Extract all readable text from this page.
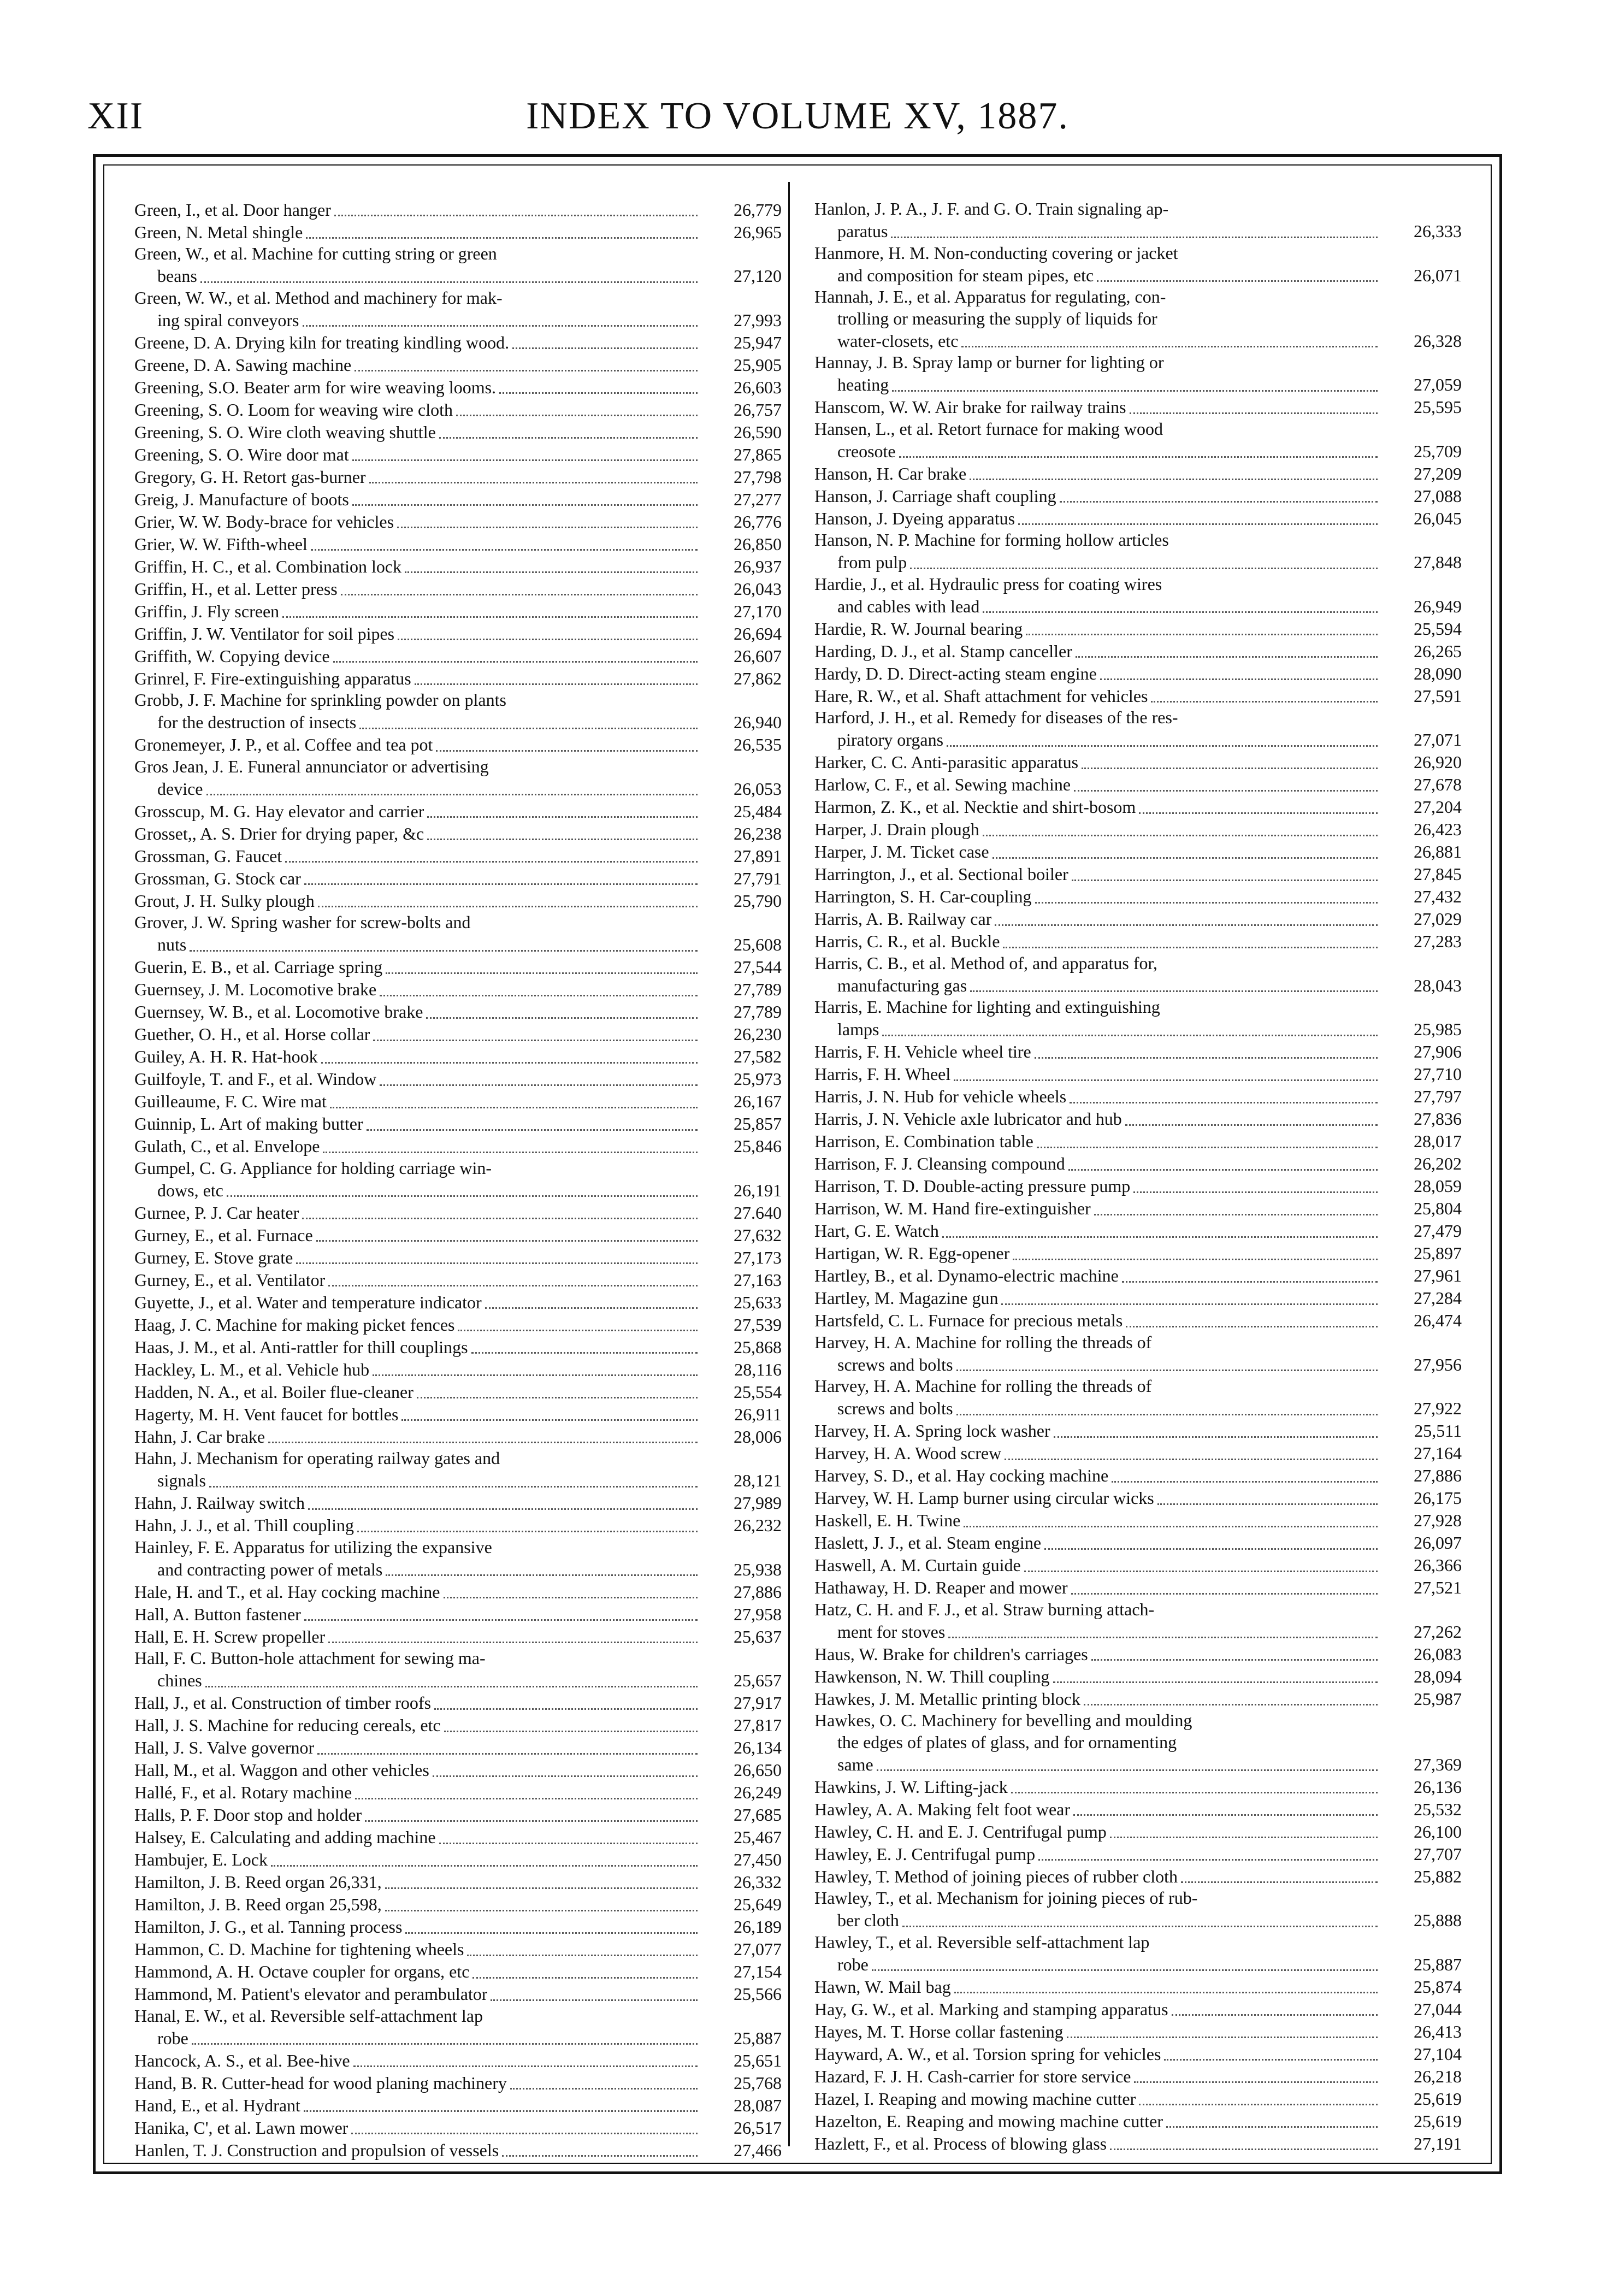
XII	INDEX TO VOLUME XV, 1887.
Green, I., et al. Door hanger	26,779
Green, N. Metal shingle	26,965
Green, W., et al. Machine for cutting string or green
beans	27,120
Green, W. W., et al. Method and machinery for mak-
ing spiral conveyors	27,993
Greene, D. A. Drying kiln for treating kindling wood.	25,947
Greene, D. A. Sawing machine	25,905
Greening, S.O. Beater arm for wire weaving looms.	26,603
Greening, S. O. Loom for weaving wire cloth	26,757
Greening, S. O. Wire cloth weaving shuttle	26,590
Greening, S. O. Wire door mat	27,865
Gregory, G. H. Retort gas-burner	27,798
Greig, J. Manufacture of boots	27,277
Grier, W. W. Body-brace for vehicles	26,776
Grier, W. W. Fifth-wheel	26,850
Griffin, H. C., et al. Combination lock	26,937
Griffin, H., et al. Letter press	26,043
Griffin, J. Fly screen	27,170
Griffin, J. W. Ventilator for soil pipes	26,694
Griffith, W. Copying device	26,607
Grinrel, F. Fire-extinguishing apparatus	27,862
Grobb, J. F. Machine for sprinkling powder on plants
for the destruction of insects	26,940
Gronemeyer, J. P., et al. Coffee and tea pot	26,535
Gros Jean, J. E. Funeral annunciator or advertising
device	26,053
Grosscup, M. G. Hay elevator and carrier	25,484
Grosset,, A. S. Drier for drying paper, &c	26,238
Grossman, G. Faucet	27,891
Grossman, G. Stock car	27,791
Grout, J. H. Sulky plough	25,790
Grover, J. W. Spring washer for screw-bolts and
nuts	25,608
Guerin, E. B., et al. Carriage spring	27,544
Guernsey, J. M. Locomotive brake	27,789
Guernsey, W. B., et al. Locomotive brake	27,789
Guether, O. H., et al. Horse collar	26,230
Guiley, A. H. R. Hat-hook	27,582
Guilfoyle, T. and F., et al. Window	25,973
Guilleaume, F. C. Wire mat	26,167
Guinnip, L. Art of making butter	25,857
Gulath, C., et al. Envelope	25,846
Gumpel, C. G. Appliance for holding carriage win-
dows, etc	26,191
Gurnee, P. J. Car heater	27.640
Gurney, E., et al. Furnace	27,632
Gurney, E. Stove grate	27,173
Gurney, E., et al. Ventilator	27,163
Guyette, J., et al. Water and temperature indicator	25,633
Haag, J. C. Machine for making picket fences	27,539
Haas, J. M., et al. Anti-rattler for thill couplings	25,868
Hackley, L. M., et al. Vehicle hub	28,116
Hadden, N. A., et al. Boiler flue-cleaner	25,554
Hagerty, M. H. Vent faucet for bottles	26,911
Hahn, J. Car brake	28,006
Hahn, J. Mechanism for operating railway gates and
signals	28,121
Hahn, J. Railway switch	27,989
Hahn, J. J., et al. Thill coupling	26,232
Hainley, F. E. Apparatus for utilizing the expansive
and contracting power of metals	25,938
Hale, H. and T., et al. Hay cocking machine	27,886
Hall, A. Button fastener	27,958
Hall, E. H. Screw propeller	25,637
Hall, F. C. Button-hole attachment for sewing ma-
chines	25,657
Hall, J., et al. Construction of timber roofs	27,917
Hall, J. S. Machine for reducing cereals, etc	27,817
Hall, J. S. Valve governor	26,134
Hall, M., et al. Waggon and other vehicles	26,650
Hallé, F., et al. Rotary machine	26,249
Halls, P. F. Door stop and holder	27,685
Halsey, E. Calculating and adding machine	25,467
Hambujer, E. Lock	27,450
Hamilton, J. B. Reed organ 26,331,	26,332
Hamilton, J. B. Reed organ 25,598,	25,649
Hamilton, J. G., et al. Tanning process	26,189
Hammon, C. D. Machine for tightening wheels	27,077
Hammond, A. H. Octave coupler for organs, etc	27,154
Hammond, M. Patient's elevator and perambulator	25,566
Hanal, E. W., et al. Reversible self-attachment lap
robe	25,887
Hancock, A. S., et al. Bee-hive	25,651
Hand, B. R. Cutter-head for wood planing machinery	25,768
Hand, E., et al. Hydrant	28,087
Hanika, C', et al. Lawn mower	26,517
Hanlen, T. J. Construction and propulsion of vessels	27,466
Hanlon, J. P. A., J. F. and G. O. Train signaling ap-
paratus	26,333
Hanmore, H. M. Non-conducting covering or jacket
and composition for steam pipes, etc	26,071
Hannah, J. E., et al. Apparatus for regulating, con-
trolling or measuring the supply of liquids for
water-closets, etc	26,328
Hannay, J. B. Spray lamp or burner for lighting or
heating	27,059
Hanscom, W. W. Air brake for railway trains	25,595
Hansen, L., et al. Retort furnace for making wood
creosote	25,709
Hanson, H. Car brake	27,209
Hanson, J. Carriage shaft coupling	27,088
Hanson, J. Dyeing apparatus	26,045
Hanson, N. P. Machine for forming hollow articles
from pulp	27,848
Hardie, J., et al. Hydraulic press for coating wires
and cables with lead	26,949
Hardie, R. W. Journal bearing	25,594
Harding, D. J., et al. Stamp canceller	26,265
Hardy, D. D. Direct-acting steam engine	28,090
Hare, R. W., et al. Shaft attachment for vehicles	27,591
Harford, J. H., et al. Remedy for diseases of the res-
piratory organs	27,071
Harker, C. C. Anti-parasitic apparatus	26,920
Harlow, C. F., et al. Sewing machine	27,678
Harmon, Z. K., et al. Necktie and shirt-bosom	27,204
Harper, J. Drain plough	26,423
Harper, J. M. Ticket case	26,881
Harrington, J., et al. Sectional boiler	27,845
Harrington, S. H. Car-coupling	27,432
Harris, A. B. Railway car	27,029
Harris, C. R., et al. Buckle	27,283
Harris, C. B., et al. Method of, and apparatus for,
manufacturing gas	28,043
Harris, E. Machine for lighting and extinguishing
lamps	25,985
Harris, F. H. Vehicle wheel tire	27,906
Harris, F. H. Wheel	27,710
Harris, J. N. Hub for vehicle wheels	27,797
Harris, J. N. Vehicle axle lubricator and hub	27,836
Harrison, E. Combination table	28,017
Harrison, F. J. Cleansing compound	26,202
Harrison, T. D. Double-acting pressure pump	28,059
Harrison, W. M. Hand fire-extinguisher	25,804
Hart, G. E. Watch	27,479
Hartigan, W. R. Egg-opener	25,897
Hartley, B., et al. Dynamo-electric machine	27,961
Hartley, M. Magazine gun	27,284
Hartsfeld, C. L. Furnace for precious metals	26,474
Harvey, H. A. Machine for rolling the threads of
screws and bolts	27,956
Harvey, H. A. Machine for rolling the threads of
screws and bolts	27,922
Harvey, H. A. Spring lock washer	25,511
Harvey, H. A. Wood screw	27,164
Harvey, S. D., et al. Hay cocking machine	27,886
Harvey, W. H. Lamp burner using circular wicks	26,175
Haskell, E. H. Twine	27,928
Haslett, J. J., et al. Steam engine	26,097
Haswell, A. M. Curtain guide	26,366
Hathaway, H. D. Reaper and mower	27,521
Hatz, C. H. and F. J., et al. Straw burning attach-
ment for stoves	27,262
Haus, W. Brake for children's carriages	26,083
Hawkenson, N. W. Thill coupling	28,094
Hawkes, J. M. Metallic printing block	25,987
Hawkes, O. C. Machinery for bevelling and moulding
the edges of plates of glass, and for ornamenting
same	27,369
Hawkins, J. W. Lifting-jack	26,136
Hawley, A. A. Making felt foot wear	25,532
Hawley, C. H. and E. J. Centrifugal pump	26,100
Hawley, E. J. Centrifugal pump	27,707
Hawley, T. Method of joining pieces of rubber cloth	25,882
Hawley, T., et al. Mechanism for joining pieces of rub-
ber cloth	25,888
Hawley, T., et al. Reversible self-attachment lap
robe	25,887
Hawn, W. Mail bag	25,874
Hay, G. W., et al. Marking and stamping apparatus	27,044
Hayes, M. T. Horse collar fastening	26,413
Hayward, A. W., et al. Torsion spring for vehicles	27,104
Hazard, F. J. H. Cash-carrier for store service	26,218
Hazel, I. Reaping and mowing machine cutter	25,619
Hazelton, E. Reaping and mowing machine cutter	25,619
Hazlett, F., et al. Process of blowing glass	27,191
